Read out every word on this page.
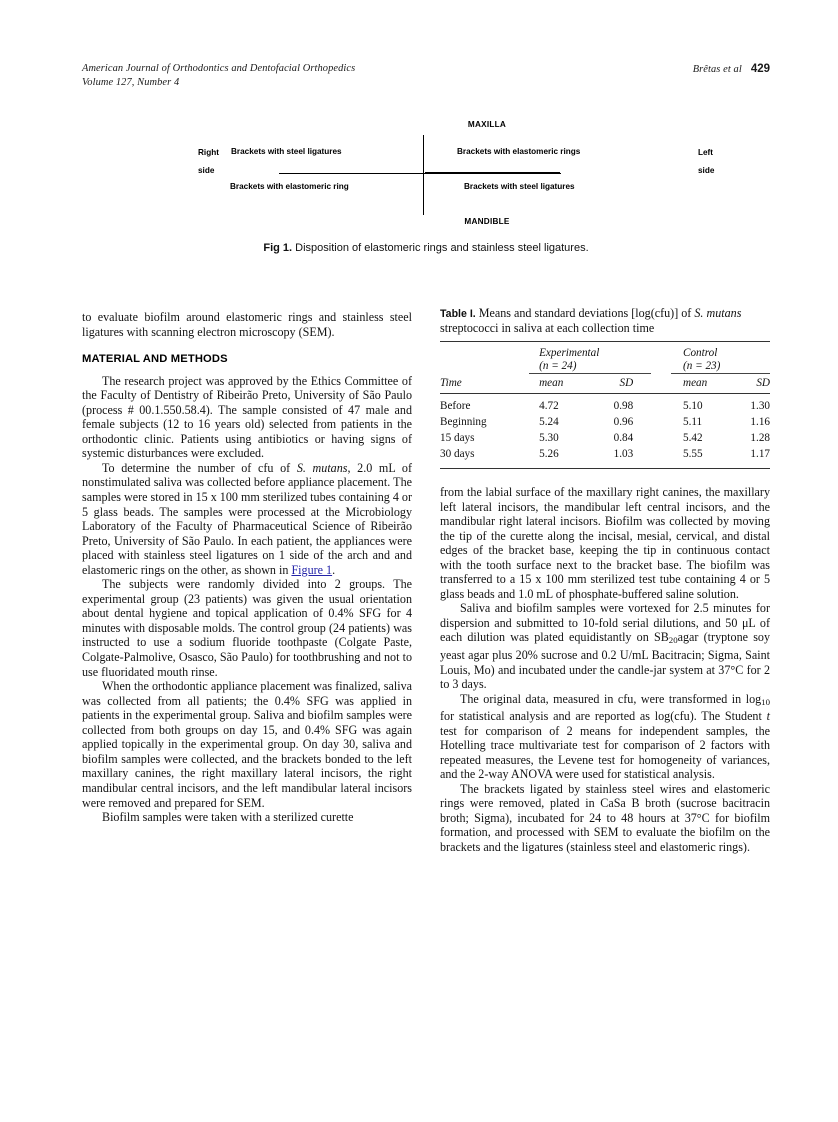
American Journal of Orthodontics and Dentofacial Orthopedics
Volume 127, Number 4
Brêtas et al 429
MAXILLA
MANDIBLE
Right
side
Left
side
Brackets with steel ligatures	Brackets with elastomeric rings
Brackets with elastomeric ring	Brackets with steel ligatures
Fig 1. Disposition of elastomeric rings and stainless steel ligatures.

to evaluate biofilm around elastomeric rings and stainless steel ligatures with scanning electron microscopy (SEM).

MATERIAL AND METHODS

The research project was approved by the Ethics Committee of the Faculty of Dentistry of Ribeirão Preto, University of São Paulo (process # 00.1.550.58.4). The sample consisted of 47 male and female subjects (12 to 16 years old) selected from patients in the orthodontic clinic. Patients using antibiotics or having signs of systemic disturbances were excluded.

To determine the number of cfu of S. mutans, 2.0 mL of nonstimulated saliva was collected before appliance placement. The samples were stored in 15 x 100 mm sterilized tubes containing 4 or 5 glass beads. The samples were processed at the Microbiology Laboratory of the Faculty of Pharmaceutical Science of Ribeirão Preto, University of São Paulo. In each patient, the appliances were placed with stainless steel ligatures on 1 side of the arch and and elastomeric rings on the other, as shown in Figure 1.

The subjects were randomly divided into 2 groups. The experimental group (23 patients) was given the usual orientation about dental hygiene and topical application of 0.4% SFG for 4 minutes with disposable molds. The control group (24 patients) was instructed to use a sodium fluoride toothpaste (Colgate Paste, Colgate-Palmolive, Osasco, São Paulo) for toothbrushing and not to use fluoridated mouth rinse.

When the orthodontic appliance placement was finalized, saliva was collected from all patients; the 0.4% SFG was applied in patients in the experimental group. Saliva and biofilm samples were collected from both groups on day 15, and 0.4% SFG was again applied topically in the experimental group. On day 30, saliva and biofilm samples were collected, and the brackets bonded to the left maxillary canines, the right maxillary lateral incisors, the right mandibular central incisors, and the left mandibular lateral incisors were removed and prepared for SEM.

Biofilm samples were taken with a sterilized curette

Table I. Means and standard deviations [log(cfu)] of S. mutans streptococci in saliva at each collection time
	Experimental
(n = 24)			Control
(n = 23)	

Time	mean	SD		mean	SD
Before	4.72	0.98		5.10	1.30
Beginning	5.24	0.96		5.11	1.16
15 days	5.30	0.84		5.42	1.28
30 days	5.26	1.03		5.55	1.17

from the labial surface of the maxillary right canines, the maxillary left lateral incisors, the mandibular left central incisors, and the mandibular right lateral incisors. Biofilm was collected by moving the tip of the curette along the incisal, mesial, cervical, and distal edges of the bracket base, keeping the tip in continuous contact with the tooth surface next to the bracket base. The biofilm was transferred to a 15 x 100 mm sterilized test tube containing 4 or 5 glass beads and 1.0 mL of phosphate-buffered saline solution.

Saliva and biofilm samples were vortexed for 2.5 minutes for dispersion and submitted to 10-fold serial dilutions, and 50 μL of each dilution was plated equidistantly on $SB_{20}agar$ (tryptone soy yeast agar plus 20% sucrose and 0.2 U/mL Bacitracin; Sigma, Saint Louis, Mo) and incubated under the candle-jar system at 37°C for 2 to 3 days.

The original data, measured in cfu, were transformed in $\log_{10}$ for statistical analysis and are reported as log(cfu). The Student t test for comparison of 2 means for independent samples, the Hotelling trace multivariate test for comparison of 2 factors with repeated measures, the Levene test for homogeneity of variances, and the 2-way ANOVA were used for statistical analysis.

The brackets ligated by stainless steel wires and elastomeric rings were removed, plated in CaSa B broth (sucrose bacitracin broth; Sigma), incubated for 24 to 48 hours at 37°C for biofilm formation, and processed with SEM to evaluate the biofilm on the brackets and the ligatures (stainless steel and elastomeric rings).
